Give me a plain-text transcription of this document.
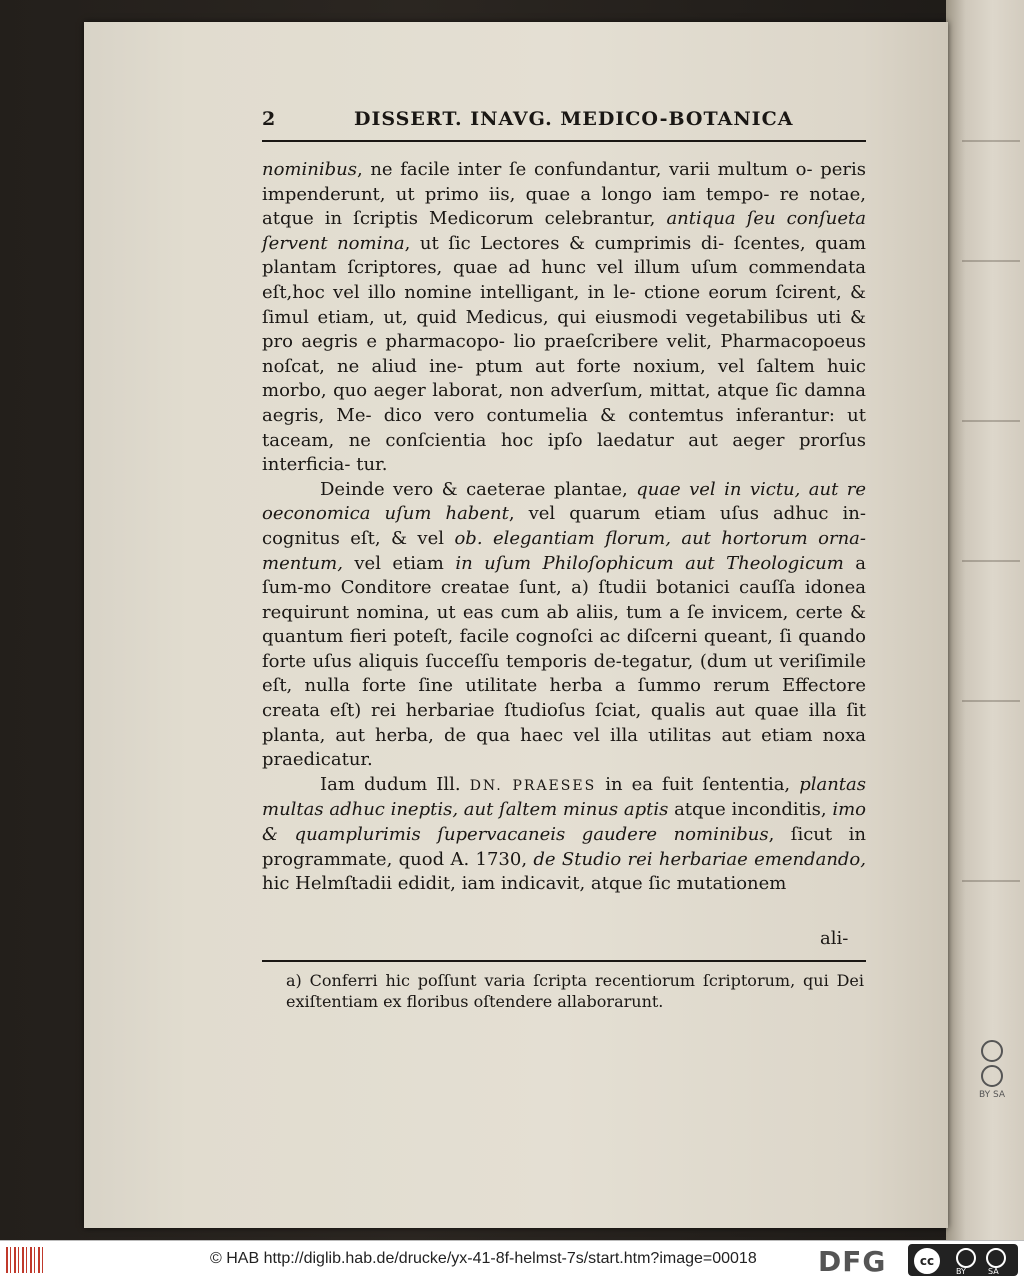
BY SA
2	DISSERT. INAVG. MEDICO-BOTANICA

nominibus, ne facile inter ſe confundantur, varii multum o- peris impenderunt, ut primo iis, quae a longo iam tempo- re notae, atque in ſcriptis Medicorum celebrantur, antiqua ſeu conſueta ſervent nomina, ut ſic Lectores & cumprimis di- ſcentes, quam plantam ſcriptores, quae ad hunc vel illum uſum commendata eſt,hoc vel illo nomine intelligant, in le- ctione eorum ſcirent, & ſimul etiam, ut, quid Medicus, qui eiusmodi vegetabilibus uti & pro aegris e pharmacopo- lio praeſcribere velit, Pharmacopoeus noſcat, ne aliud ine- ptum aut forte noxium, vel ſaltem huic morbo, quo aeger laborat, non adverſum, mittat, atque ſic damna aegris, Me- dico vero contumelia & contemtus inferantur: ut taceam, ne conſcientia hoc ipſo laedatur aut aeger prorſus interficia- tur.

Deinde vero & caeterae plantae, quae vel in victu, aut re oeconomica uſum habent, vel quarum etiam uſus adhuc in-cognitus eſt, & vel ob. elegantiam florum, aut hortorum orna-mentum, vel etiam in uſum Philoſophicum aut Theologicum a ſum-mo Conditore creatae ſunt, a) ſtudii botanici cauſſa idonea requirunt nomina, ut eas cum ab aliis, tum a ſe invicem, certe & quantum fieri poteſt, facile cognoſci ac diſcerni queant, ſi quando forte uſus aliquis ſucceſſu temporis de-tegatur, (dum ut veriſimile eſt, nulla forte ſine utilitate herba a ſummo rerum Effectore creata eſt) rei herbariae ſtudioſus ſciat, qualis aut quae illa ſit planta, aut herba, de qua haec vel illa utilitas aut etiam noxa praedicatur.

Iam dudum Ill. DN. PRAESES in ea fuit ſententia, plantas multas adhuc ineptis, aut ſaltem minus aptis atque inconditis, imo & quamplurimis ſupervacaneis gaudere nominibus, ſicut in programmate, quod A. 1730, de Studio rei herbariae emendando, hic Helmſtadii edidit, iam indicavit, atque ſic mutationem

ali-

a) Conferri hic poſſunt varia ſcripta recentiorum ſcriptorum, qui Dei exiſtentiam ex floribus oſtendere allaborarunt.

© HAB http://diglib.hab.de/drucke/yx-41-8f-helmst-7s/start.htm?image=00018 DFG	cc
BY	SA
